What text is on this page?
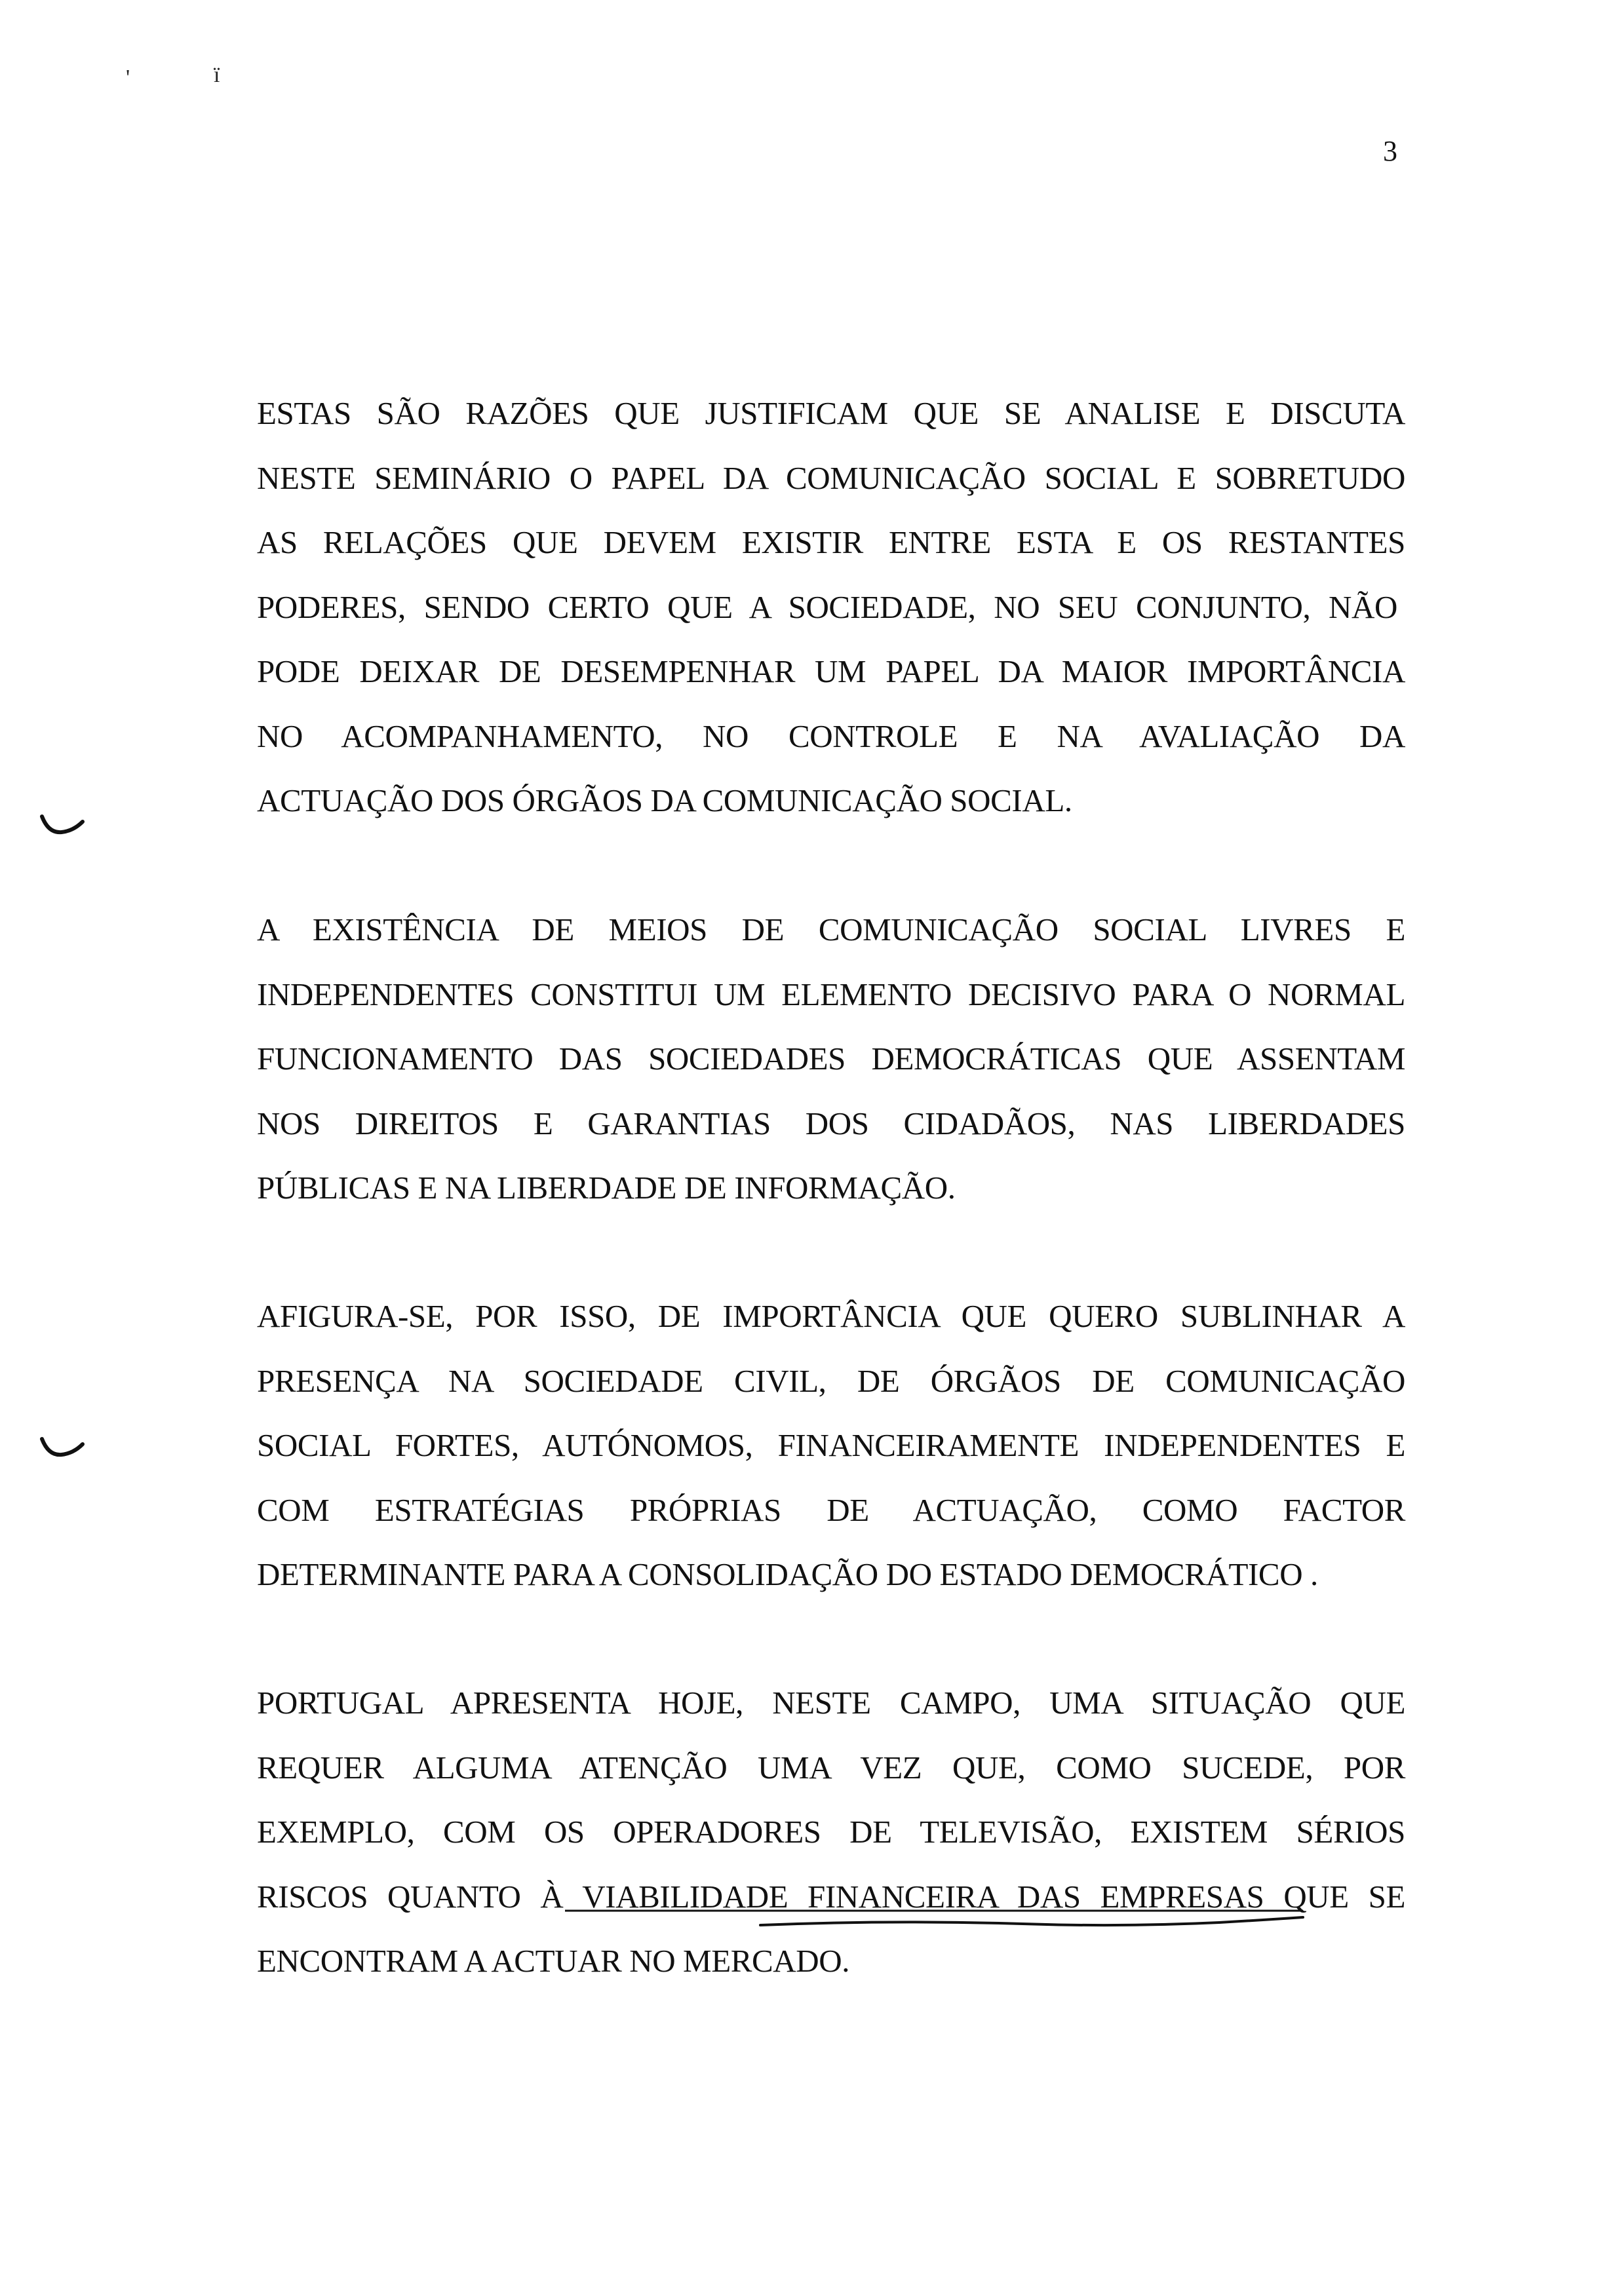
'	ï
3
ESTAS SÃO RAZÕES QUE JUSTIFICAM QUE SE ANALISE E DISCUTA
NESTE SEMINÁRIO O PAPEL DA COMUNICAÇÃO SOCIAL E SOBRETUDO
AS RELAÇÕES QUE DEVEM EXISTIR ENTRE ESTA E OS RESTANTES
PODERES, SENDO CERTO QUE A SOCIEDADE, NO SEU CONJUNTO, NÃO
PODE DEIXAR DE DESEMPENHAR UM PAPEL DA MAIOR IMPORTÂNCIA
NO ACOMPANHAMENTO, NO CONTROLE E NA AVALIAÇÃO DA
ACTUAÇÃO DOS ÓRGÃOS DA COMUNICAÇÃO SOCIAL.
A EXISTÊNCIA DE MEIOS DE COMUNICAÇÃO SOCIAL LIVRES E
INDEPENDENTES CONSTITUI UM ELEMENTO DECISIVO PARA O NORMAL
FUNCIONAMENTO DAS SOCIEDADES DEMOCRÁTICAS QUE ASSENTAM
NOS DIREITOS E GARANTIAS DOS CIDADÃOS, NAS LIBERDADES
PÚBLICAS E NA LIBERDADE DE INFORMAÇÃO.
AFIGURA-SE, POR ISSO, DE IMPORTÂNCIA QUE QUERO SUBLINHAR A
PRESENÇA NA SOCIEDADE CIVIL, DE ÓRGÃOS DE COMUNICAÇÃO
SOCIAL FORTES, AUTÓNOMOS, FINANCEIRAMENTE INDEPENDENTES E
COM ESTRATÉGIAS PRÓPRIAS DE ACTUAÇÃO, COMO FACTOR
DETERMINANTE PARA A CONSOLIDAÇÃO DO ESTADO DEMOCRÁTICO .
PORTUGAL APRESENTA HOJE, NESTE CAMPO, UMA SITUAÇÃO QUE
REQUER ALGUMA ATENÇÃO UMA VEZ QUE, COMO SUCEDE, POR
EXEMPLO, COM OS OPERADORES DE TELEVISÃO, EXISTEM SÉRIOS
RISCOS QUANTO À VIABILIDADE FINANCEIRA DAS EMPRESAS QUE SE
ENCONTRAM A ACTUAR NO MERCADO.
